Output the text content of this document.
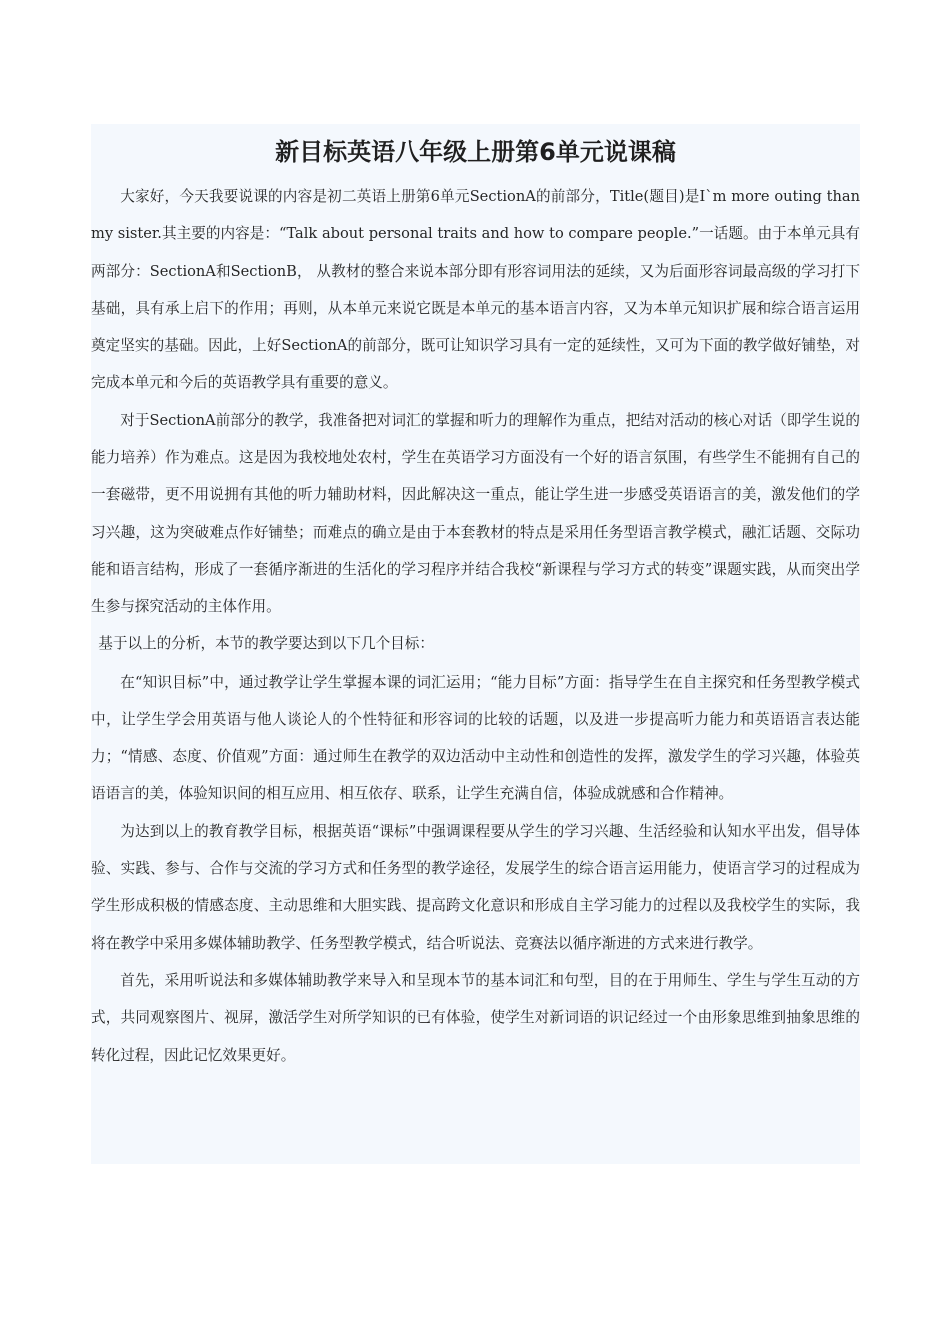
新目标英语八年级上册第6单元说课稿

大家好，今天我要说课的内容是初二英语上册第6单元SectionA的前部分，Title(题目)是I`m more outing than my sister.其主要的内容是：“Talk about personal traits and how to compare people.”一话题。由于本单元具有两部分：SectionA和SectionB， 从教材的整合来说本部分即有形容词用法的延续，又为后面形容词最高级的学习打下基础，具有承上启下的作用；再则，从本单元来说它既是本单元的基本语言内容，又为本单元知识扩展和综合语言运用奠定坚实的基础。因此，上好SectionA的前部分，既可让知识学习具有一定的延续性，又可为下面的教学做好铺垫，对完成本单元和今后的英语教学具有重要的意义。

对于SectionA前部分的教学，我准备把对词汇的掌握和听力的理解作为重点，把结对活动的核心对话（即学生说的能力培养）作为难点。这是因为我校地处农村，学生在英语学习方面没有一个好的语言氛围，有些学生不能拥有自己的一套磁带，更不用说拥有其他的听力辅助材料，因此解决这一重点，能让学生进一步感受英语语言的美，激发他们的学习兴趣，这为突破难点作好铺垫；而难点的确立是由于本套教材的特点是采用任务型语言教学模式，融汇话题、交际功能和语言结构，形成了一套循序渐进的生活化的学习程序并结合我校“新课程与学习方式的转变”课题实践，从而突出学生参与探究活动的主体作用。

基于以上的分析，本节的教学要达到以下几个目标：

在“知识目标”中，通过教学让学生掌握本课的词汇运用；“能力目标”方面：指导学生在自主探究和任务型教学模式中，让学生学会用英语与他人谈论人的个性特征和形容词的比较的话题，以及进一步提高听力能力和英语语言表达能力；“情感、态度、价值观”方面：通过师生在教学的双边活动中主动性和创造性的发挥，激发学生的学习兴趣，体验英语语言的美，体验知识间的相互应用、相互依存、联系，让学生充满自信，体验成就感和合作精神。

为达到以上的教育教学目标，根据英语“课标”中强调课程要从学生的学习兴趣、生活经验和认知水平出发，倡导体验、实践、参与、合作与交流的学习方式和任务型的教学途径，发展学生的综合语言运用能力，使语言学习的过程成为学生形成积极的情感态度、主动思维和大胆实践、提高跨文化意识和形成自主学习能力的过程以及我校学生的实际，我将在教学中采用多媒体辅助教学、任务型教学模式，结合听说法、竞赛法以循序渐进的方式来进行教学。

首先，采用听说法和多媒体辅助教学来导入和呈现本节的基本词汇和句型，目的在于用师生、学生与学生互动的方式，共同观察图片、视屏，激活学生对所学知识的已有体验，使学生对新词语的识记经过一个由形象思维到抽象思维的转化过程，因此记忆效果更好。
